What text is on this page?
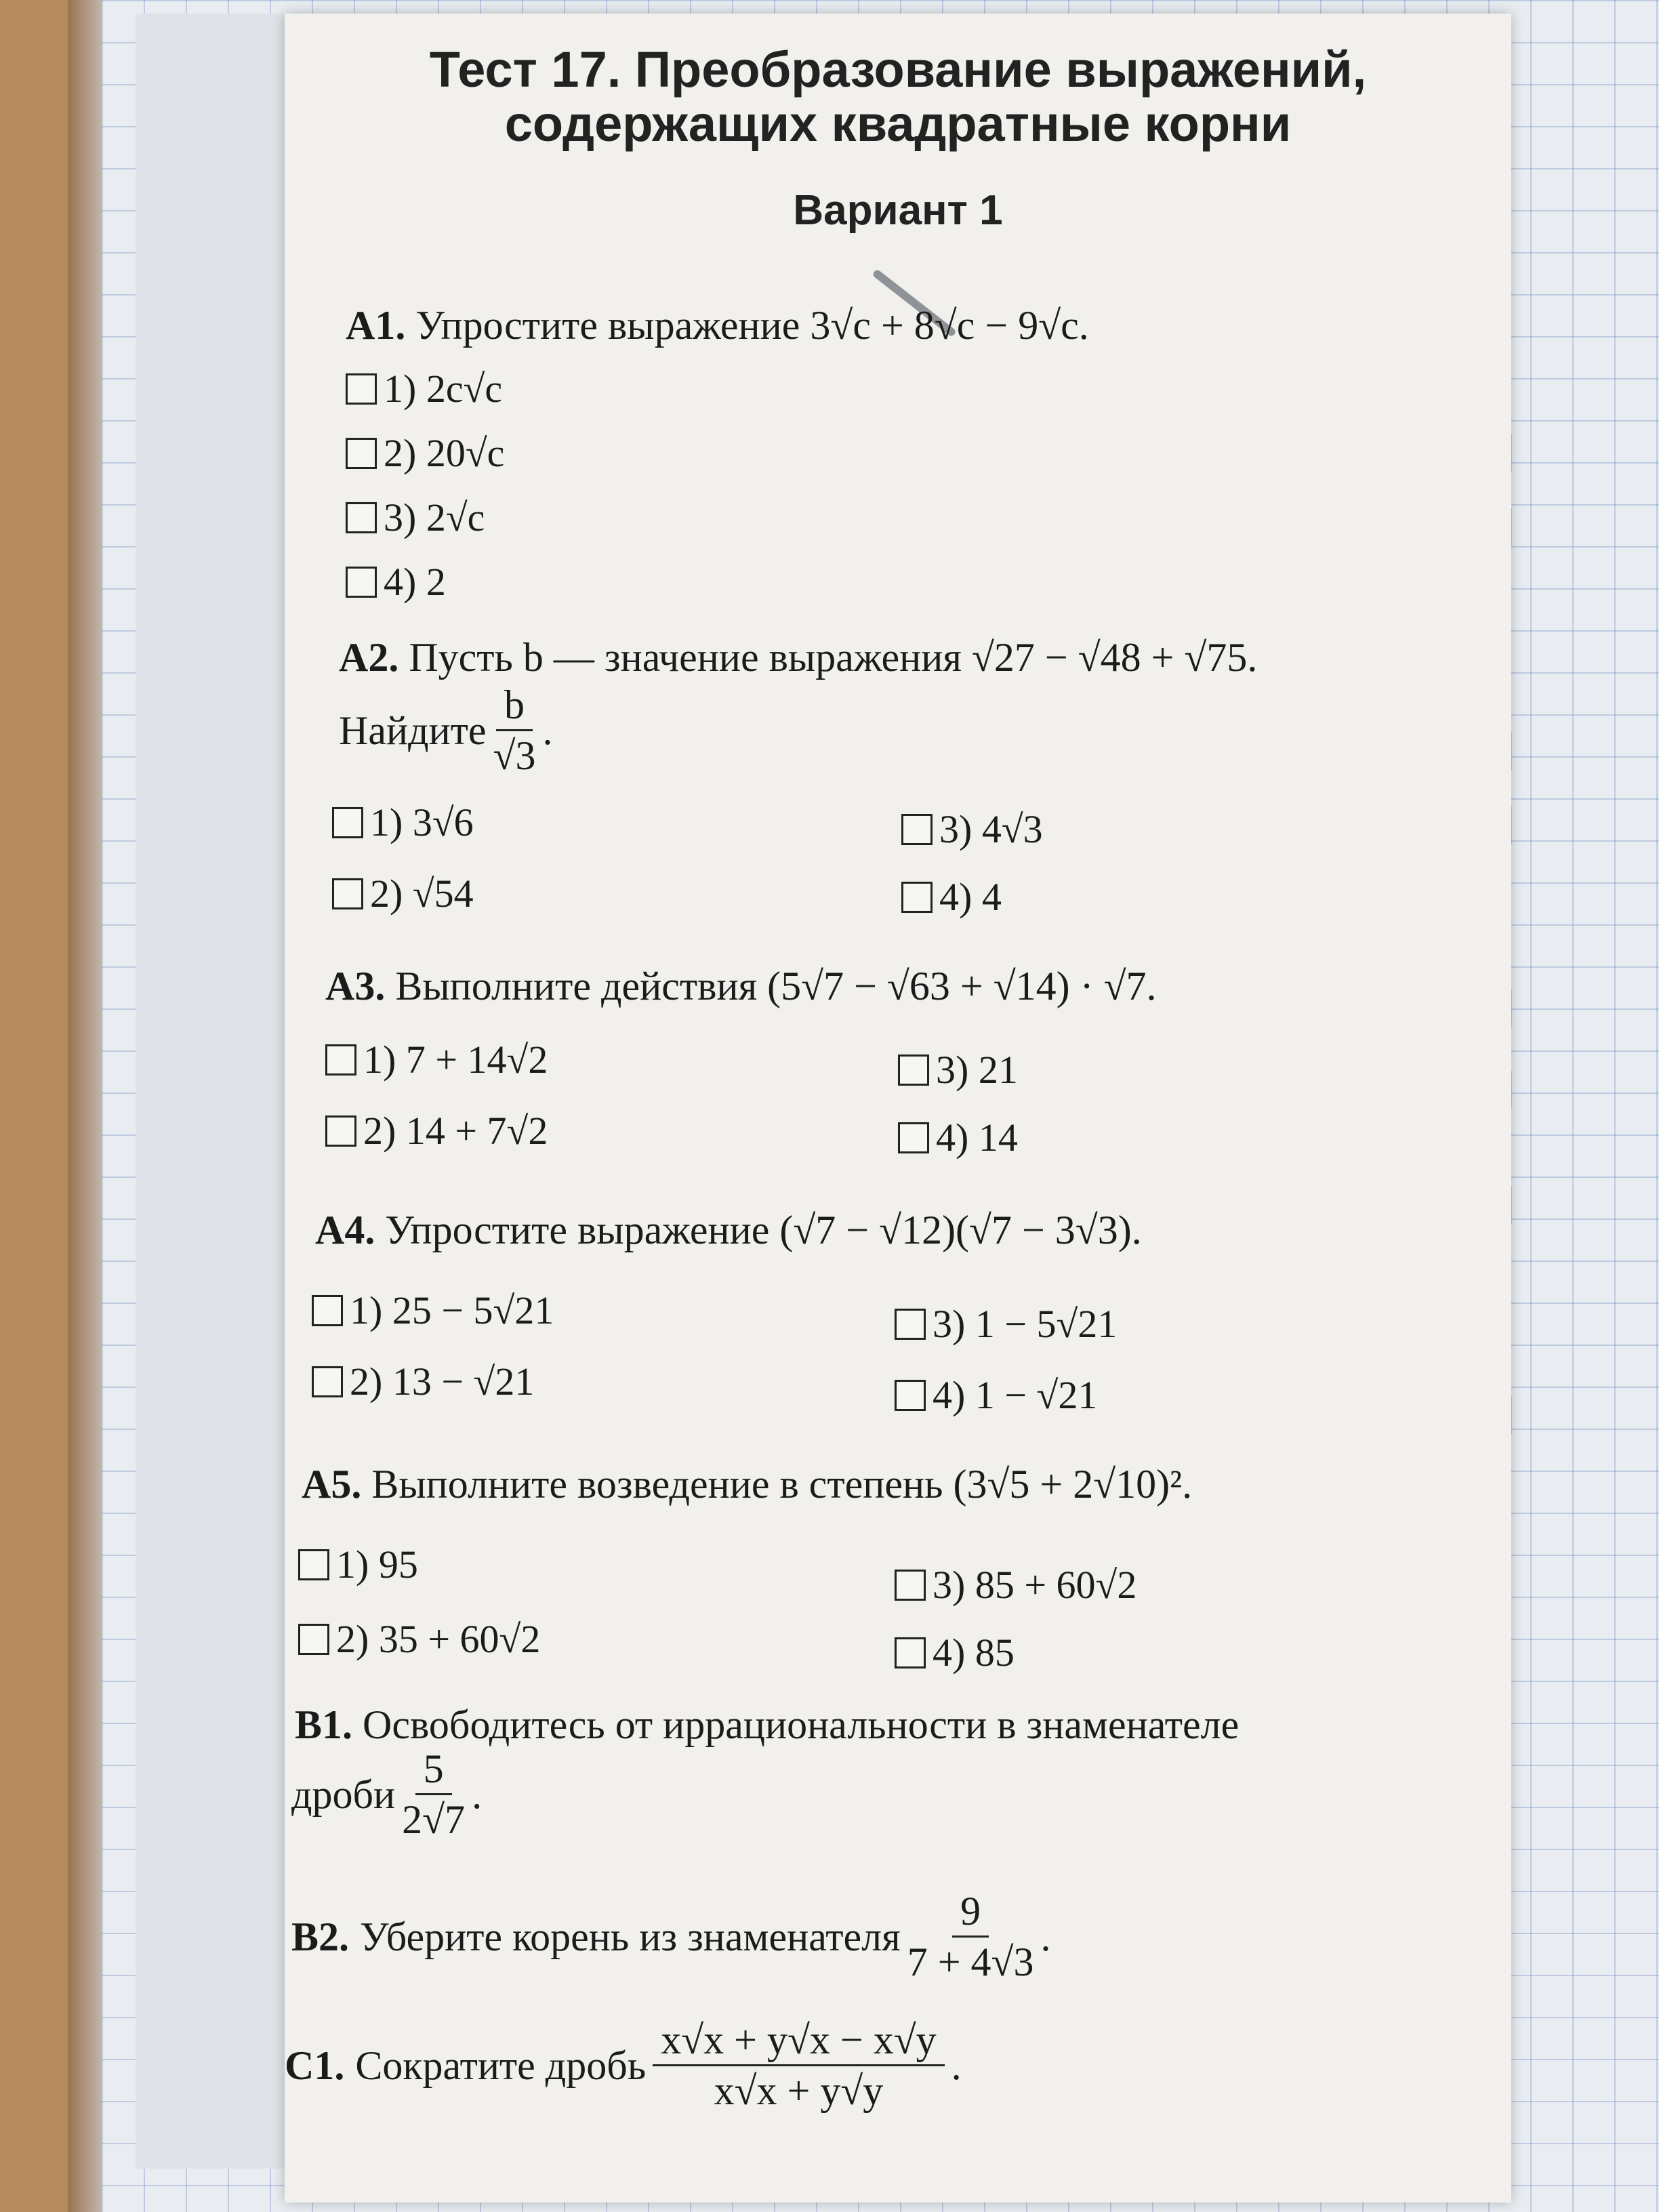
Тест 17. Преобразование выражений,
содержащих квадратные корни
Вариант 1
А1. Упростите выражение 3√c + 8√c − 9√c.
1) 2c√c
2) 20√c
3) 2√c
4) 2
А2. Пусть b — значение выражения √27 − √48 + √75.
Найдите $\frac{b}{√3}$ .
1) 3√6
2) √54
3) 4√3
4) 4
А3. Выполните действия (5√7 − √63 + √14) · √7.
1) 7 + 14√2
2) 14 + 7√2
3) 21
4) 14
А4. Упростите выражение (√7 − √12)(√7 − 3√3).
1) 25 − 5√21
2) 13 − √21
3) 1 − 5√21
4) 1 − √21
А5. Выполните возведение в степень (3√5 + 2√10)².
1) 95
2) 35 + 60√2
3) 85 + 60√2
4) 85
В1. Освободитесь от иррациональности в знаменателе
дроби $\frac{5}{2√7}$ .
В2. Уберите корень из знаменателя $\frac{9}{7 + 4√3}$ .
С1. Сократите дробь $\frac{x√x + y√x - x√y}{x√x + y√y}$ .
